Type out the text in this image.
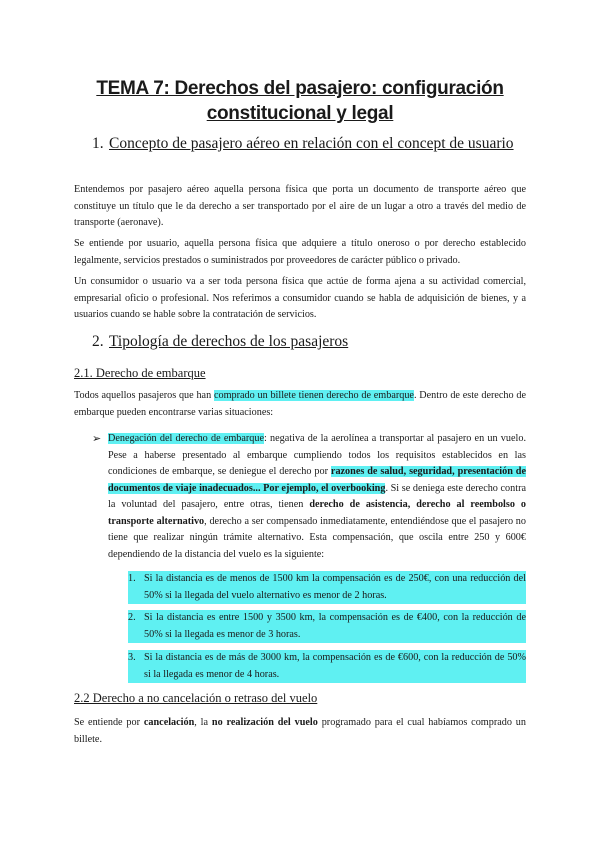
TEMA 7: Derechos del pasajero: configuración
constitucional y legal
1. Concepto de pasajero aéreo en relación con el concept de usuario

Entendemos por pasajero aéreo aquella persona física que porta un documento de transporte aéreo que constituye un título que le da derecho a ser transportado por el aire de un lugar a otro a través del medio de transporte (aeronave).

Se entiende por usuario, aquella persona física que adquiere a título oneroso o por derecho establecido legalmente, servicios prestados o suministrados por proveedores de carácter público o privado.

Un consumidor o usuario va a ser toda persona física que actúe de forma ajena a su actividad comercial, empresarial oficio o profesional. Nos referimos a consumidor cuando se habla de adquisición de bienes, y a usuarios cuando se hable sobre la contratación de servicios.

2. Tipología de derechos de los pasajeros
2.1. Derecho de embarque

Todos aquellos pasajeros que han comprado un billete tienen derecho de embarque. Dentro de este derecho de embarque pueden encontrarse varias situaciones:

➢ Denegación del derecho de embarque: negativa de la aerolínea a transportar al pasajero en un vuelo. Pese a haberse presentado al embarque cumpliendo todos los requisitos establecidos en las condiciones de embarque, se deniegue el derecho por razones de salud, seguridad, presentación de documentos de viaje inadecuados... Por ejemplo, el overbooking. Si se deniega este derecho contra la voluntad del pasajero, entre otras, tienen derecho de asistencia, derecho al reembolso o transporte alternativo, derecho a ser compensado inmediatamente, entendiéndose que el pasajero no tiene que realizar ningún trámite alternativo. Esta compensación, que oscila entre 250 y 600€ dependiendo de la distancia del vuelo es la siguiente:

1. Si la distancia es de menos de 1500 km la compensación es de 250€, con una reducción del 50% si la llegada del vuelo alternativo es menor de 2 horas.

2. Si la distancia es entre 1500 y 3500 km, la compensación es de €400, con la reducción de 50% si la llegada es menor de 3 horas.

3. Si la distancia es de más de 3000 km, la compensación es de €600, con la reducción de 50% si la llegada es menor de 4 horas.

2.2 Derecho a no cancelación o retraso del vuelo

Se entiende por cancelación, la no realización del vuelo programado para el cual habíamos comprado un billete.
